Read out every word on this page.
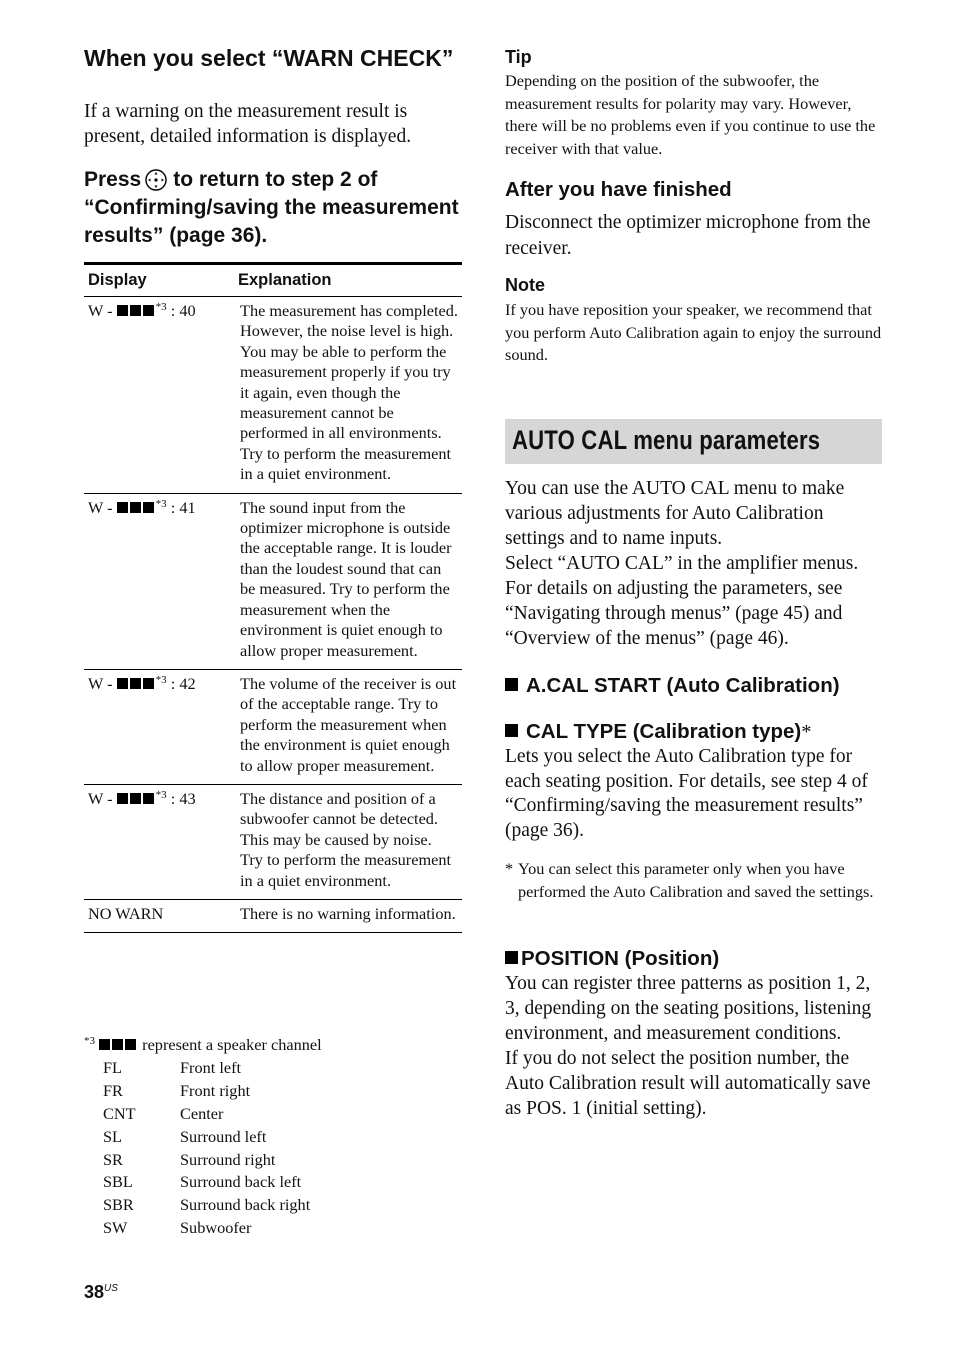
When you select “WARN CHECK”
If a warning on the measurement result is present, detailed information is displayed.
Press to return to step 2 of “Confirming/saving the measurement results” (page 36).
Display	Explanation
W - $^{*3}$ : 40	The measurement has completed. However, the noise level is high. You may be able to perform the measurement properly if you try it again, even though the measurement cannot be performed in all environments. Try to perform the measurement in a quiet environment.
W - $^{*3}$ : 41	The sound input from the optimizer microphone is outside the acceptable range. It is louder than the loudest sound that can be measured. Try to perform the measurement when the environment is quiet enough to allow proper measurement.
W - $^{*3}$ : 42	The volume of the receiver is out of the acceptable range. Try to perform the measurement when the environment is quiet enough to allow proper measurement.
W - $^{*3}$ : 43	The distance and position of a subwoofer cannot be detected. This may be caused by noise. Try to perform the measurement in a quiet environment.
NO WARN	There is no warning information.
$^{*3}$	represent a speaker channel
FL	Front left
FR	Front right
CNT	Center
SL	Surround left
SR	Surround right
SBL	Surround back left
SBR	Surround back right
SW	Subwoofer
$38^{US}$
Tip
Depending on the position of the subwoofer, the measurement results for polarity may vary. However, there will be no problems even if you continue to use the receiver with that value.
After you have finished
Disconnect the optimizer microphone from the receiver.
Note
If you have reposition your speaker, we recommend that you perform Auto Calibration again to enjoy the surround sound.
AUTO CAL menu parameters
You can use the AUTO CAL menu to make various adjustments for Auto Calibration settings and to name inputs.
Select “AUTO CAL” in the amplifier menus. For details on adjusting the parameters, see “Navigating through menus” (page 45) and “Overview of the menus” (page 46).
A.CAL START (Auto Calibration)
CAL TYPE (Calibration type)*
Lets you select the Auto Calibration type for each seating position. For details, see step 4 of “Confirming/saving the measurement results” (page 36).
* You can select this parameter only when you have performed the Auto Calibration and saved the settings.
POSITION (Position)
You can register three patterns as position 1, 2, 3, depending on the seating positions, listening environment, and measurement conditions.
If you do not select the position number, the Auto Calibration result will automatically save as POS. 1 (initial setting).
